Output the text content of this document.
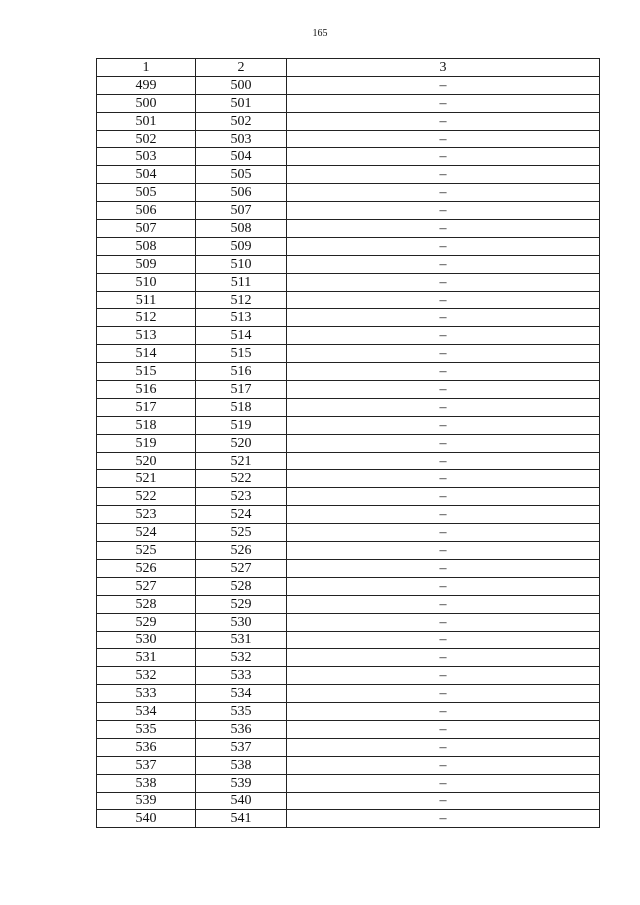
165
1	2	3
499	500	–
500	501	–
501	502	–
502	503	–
503	504	–
504	505	–
505	506	–
506	507	–
507	508	–
508	509	–
509	510	–
510	511	–
511	512	–
512	513	–
513	514	–
514	515	–
515	516	–
516	517	–
517	518	–
518	519	–
519	520	–
520	521	–
521	522	–
522	523	–
523	524	–
524	525	–
525	526	–
526	527	–
527	528	–
528	529	–
529	530	–
530	531	–
531	532	–
532	533	–
533	534	–
534	535	–
535	536	–
536	537	–
537	538	–
538	539	–
539	540	–
540	541	–
